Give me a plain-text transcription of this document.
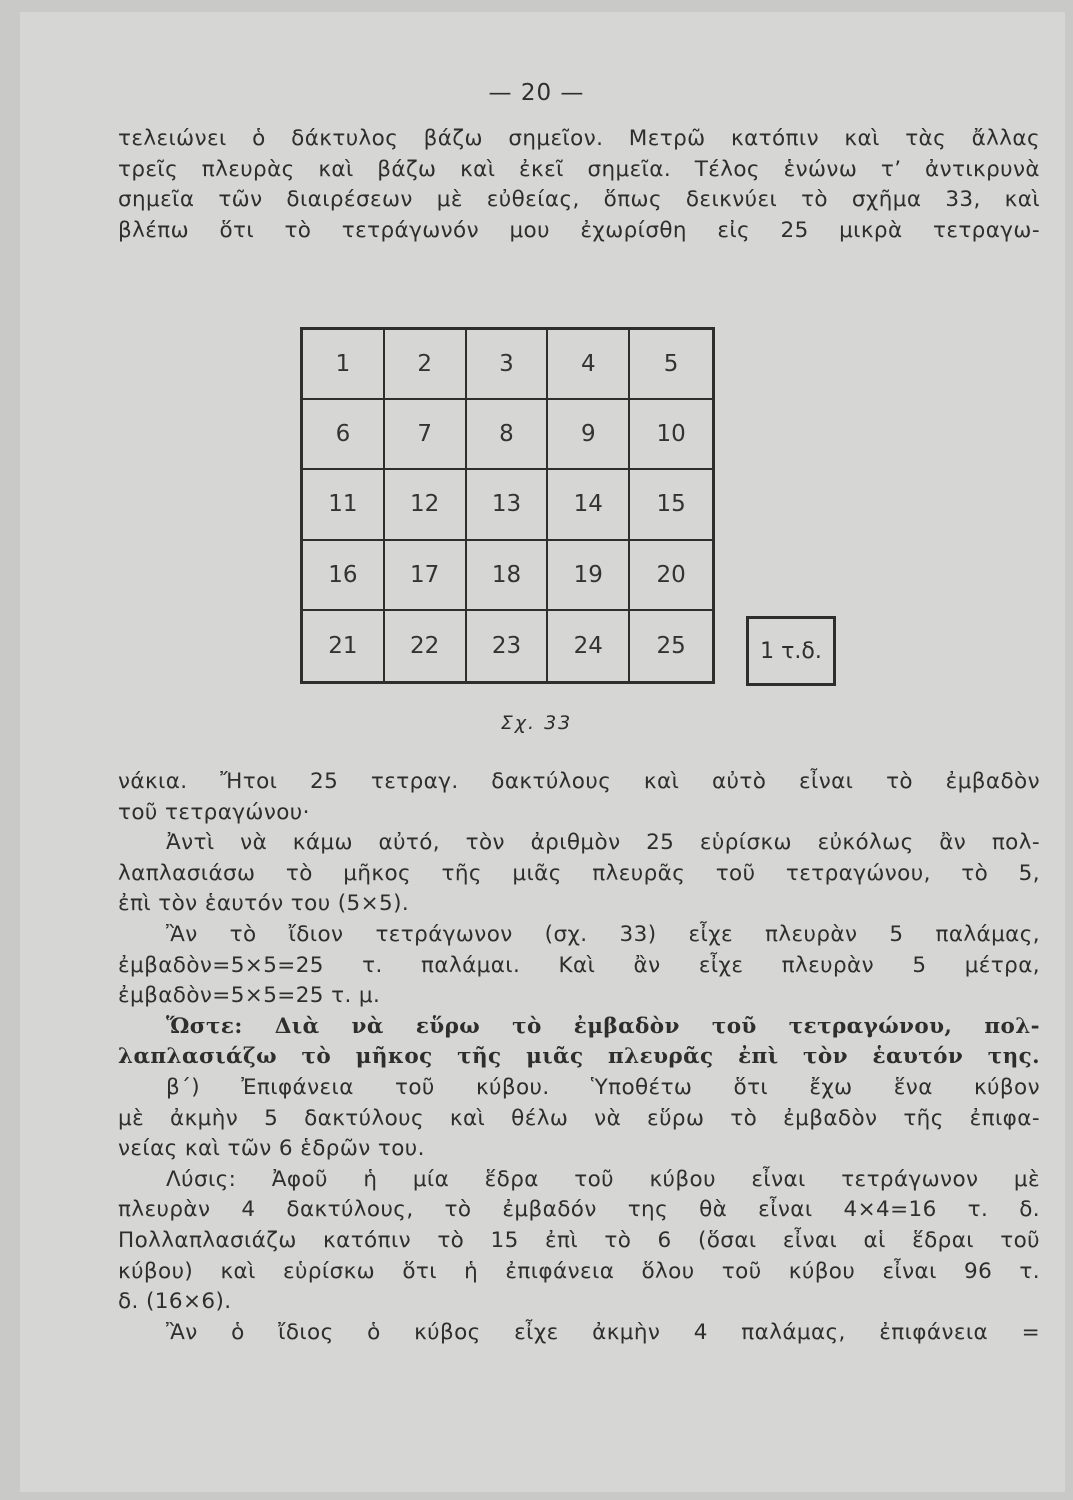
— 20 —
τελειώνει ὁ δάκτυλος βάζω σημεῖον. Μετρῶ κατόπιν καὶ τὰς ἄλλας
τρεῖς πλευρὰς καὶ βάζω καὶ ἐκεῖ σημεῖα. Τέλος ἑνώνω τ’ ἀντικρυνὰ
σημεῖα τῶν διαιρέσεων μὲ εὐθείας, ὅπως δεικνύει τὸ σχῆμα 33, καὶ
βλέπω ὅτι τὸ τετράγωνόν μου ἐχωρίσθη εἰς 25 μικρὰ τετραγω-
1	2	3	4	5
6	7	8	9	10
11	12	13	14	15
16	17	18	19	20
21	22	23	24	25	1 τ.δ.
Σχ. 33
νάκια. Ἤτοι 25 τετραγ. δακτύλους καὶ αὐτὸ εἶναι τὸ ἐμβαδὸν
τοῦ τετραγώνου·
Ἀντὶ νὰ κάμω αὐτό, τὸν ἀριθμὸν 25 εὑρίσκω εὐκόλως ἂν πολ-
λαπλασιάσω τὸ μῆκος τῆς μιᾶς πλευρᾶς τοῦ τετραγώνου, τὸ 5,
ἐπὶ τὸν ἑαυτόν του (5×5).
Ἂν τὸ ἴδιον τετράγωνον (σχ. 33) εἶχε πλευρὰν 5 παλάμας,
ἐμβαδὸν=5×5=25 τ. παλάμαι. Καὶ ἂν εἶχε πλευρὰν 5 μέτρα,
ἐμβαδὸν=5×5=25 τ. μ.
Ὥστε: Διὰ νὰ εὕρω τὸ ἐμβαδὸν τοῦ τετραγώνου, πολ-
λαπλασιάζω τὸ μῆκος τῆς μιᾶς πλευρᾶς ἐπὶ τὸν ἑαυτόν της.
β΄) Ἐπιφάνεια τοῦ κύβου. Ὑποθέτω ὅτι ἔχω ἕνα κύβον
μὲ ἀκμὴν 5 δακτύλους καὶ θέλω νὰ εὕρω τὸ ἐμβαδὸν τῆς ἐπιφα-
νείας καὶ τῶν 6 ἑδρῶν του.
Λύσις: Ἀφοῦ ἡ μία ἕδρα τοῦ κύβου εἶναι τετράγωνον μὲ
πλευρὰν 4 δακτύλους, τὸ ἐμβαδόν της θὰ εἶναι 4×4=16 τ. δ.
Πολλαπλασιάζω κατόπιν τὸ 15 ἐπὶ τὸ 6 (ὅσαι εἶναι αἱ ἕδραι τοῦ
κύβου) καὶ εὑρίσκω ὅτι ἡ ἐπιφάνεια ὅλου τοῦ κύβου εἶναι 96 τ.
δ. (16×6).
Ἂν ὁ ἴδιος ὁ κύβος εἶχε ἀκμὴν 4 παλάμας, ἐπιφάνεια =
